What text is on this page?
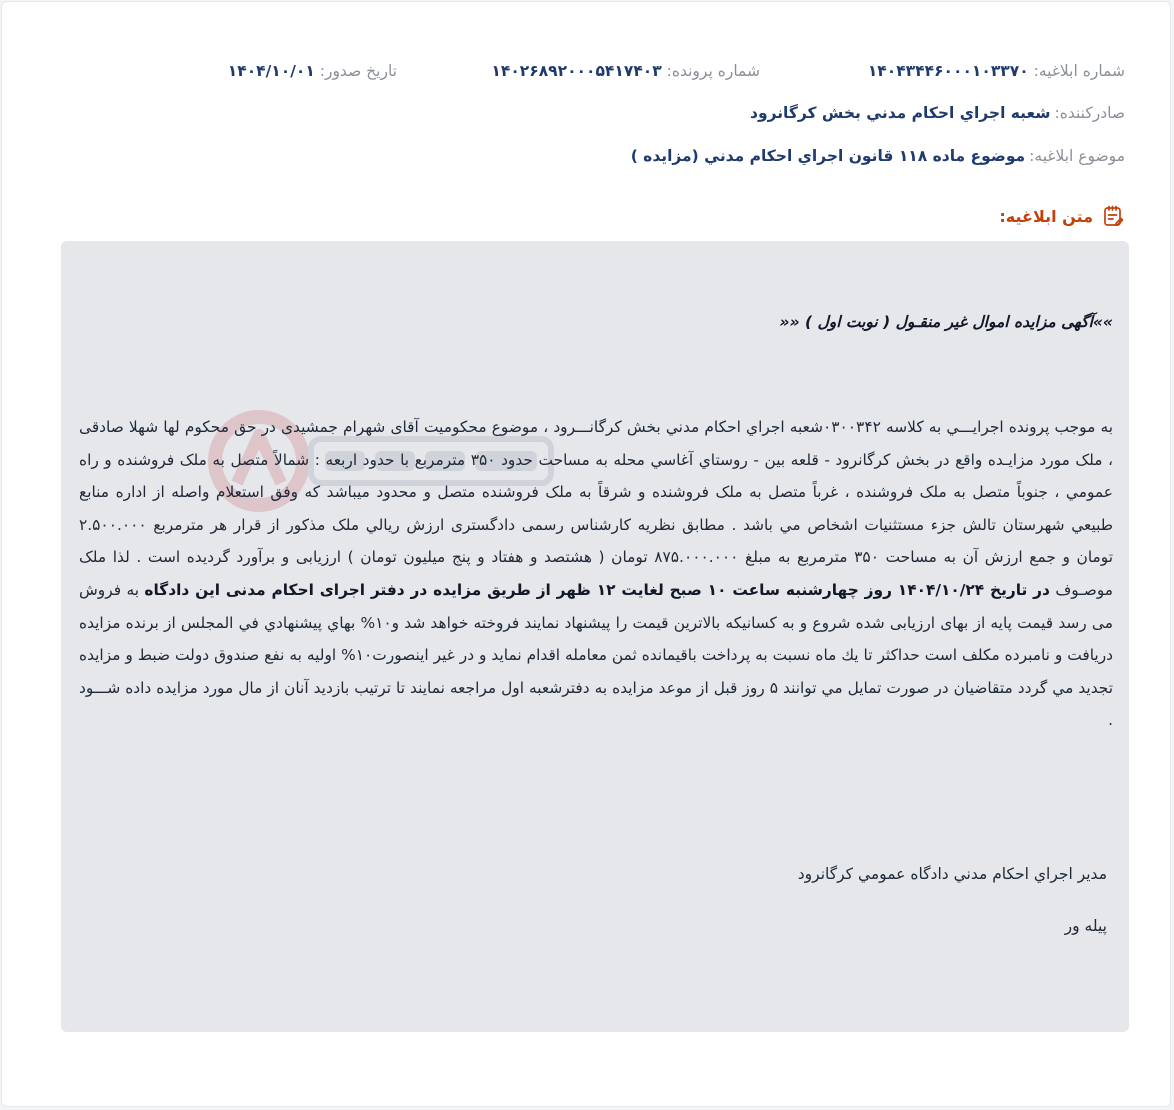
شماره ابلاغیه: ۱۴۰۴۳۴۴۶۰۰۰۱۰۳۳۷۰
شماره پرونده: ۱۴۰۲۶۸۹۲۰۰۰۵۴۱۷۴۰۳
تاریخ صدور: ۱۴۰۴/۱۰/۰۱
صادرکننده:
شعبه اجراي احکام مدني بخش کرگانرود
موضوع ابلاغیه:
موضوع ماده ۱۱۸ قانون اجراي احكام مدني (مزایده )
متن ابلاغیه:
»»آگهی مزایده اموال غیر منقـول ( نوبت اول ) ««
به موجب پرونده اجرایـــي به کلاسه ۰۳۰۰۳۴۲شعبه اجراي احکام مدني بخش کرگانـــرود ، موضوع محکومیت آقای شهرام جمشیدی در حق محکوم لها شهلا صادقی ، ملک مورد مزایـده واقع در بخش کرگانرود - قلعه بین - روستاي آغاسي محله به مساحت حدود ۳۵۰ مترمربع با حدود اربعه : شمالاً متصل به ملک فروشنده و راه عمومي ، جنوباً متصل به ملک فروشنده ، غرباً متصل به ملک فروشنده و شرقاً به ملک فروشنده متصل و محدود میباشد که وفق استعلام واصله از اداره منابع طبیعي شهرستان تالش جزء مستثنیات اشخاص مي باشد . مطابق نظریه کارشناس رسمی دادگستری ارزش ریالي ملک مذکور از قرار هر مترمربع ۲.۵۰۰.۰۰۰ تومان و جمع ارزش آن به مساحت ۳۵۰ مترمربع به مبلغ ۸۷۵.۰۰۰.۰۰۰ تومان ( هشتصد و هفتاد و پنج میلیون تومان ) ارزیابی و برآورد گردیده است . لذا ملک موصـوف در تاریخ ۱۴۰۴/۱۰/۲۴ روز چهارشنبه ساعت ۱۰ صبح لغایت ۱۲ ظهر از طریق مزایده در دفتر اجرای احکام مدنی این دادگاه به فروش می رسد قیمت پایه از بهای ارزیابی شده شروع و به کسانیکه بالاترین قیمت را پیشنهاد نمایند فروخته خواهد شد و۱۰% بهاي پیشنهادي في المجلس از برنده مزایده دریافت و نامبرده مکلف است حداکثر تا یك ماه نسبت به پرداخت باقیمانده ثمن معامله اقدام نماید و در غیر اینصورت۱۰% اولیه به نفع صندوق دولت ضبط و مزایده تجدید مي گردد متقاضیان در صورت تمایل مي توانند ۵ روز قبل از موعد مزایده به دفترشعبه اول مراجعه نمایند تا ترتیب بازدید آنان از مال مورد مزایده داده شـــود .
مدیر اجراي احکام مدني دادگاه عمومي کرگانرود
پیله ور
